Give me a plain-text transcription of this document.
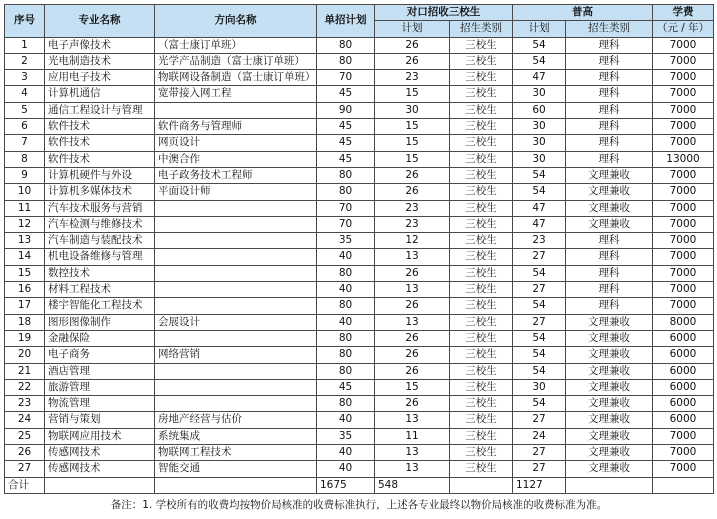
序号	专业名称	方向名称	单招计划	对口招收三校生		普高		学费
				计划	招生类别	计划	招生类别	（元 / 年）
1	电子声像技术	（富士康订单班）	80	26	三校生	54	理科	7000
2	光电制造技术	光学产品制造（富士康订单班）	80	26	三校生	54	理科	7000
3	应用电子技术	物联网设备制造（富士康订单班）	70	23	三校生	47	理科	7000
4	计算机通信	宽带接入网工程	45	15	三校生	30	理科	7000
5	通信工程设计与管理		90	30	三校生	60	理科	7000
6	软件技术	软件商务与管理师	45	15	三校生	30	理科	7000
7	软件技术	网页设计	45	15	三校生	30	理科	7000
8	软件技术	中澳合作	45	15	三校生	30	理科	13000
9	计算机硬件与外设	电子政务技术工程师	80	26	三校生	54	文理兼收	7000
10	计算机多媒体技术	平面设计师	80	26	三校生	54	文理兼收	7000
11	汽车技术服务与营销		70	23	三校生	47	文理兼收	7000
12	汽车检测与维修技术		70	23	三校生	47	文理兼收	7000
13	汽车制造与装配技术		35	12	三校生	23	理科	7000
14	机电设备维修与管理		40	13	三校生	27	理科	7000
15	数控技术		80	26	三校生	54	理科	7000
16	材料工程技术		40	13	三校生	27	理科	7000
17	楼宇智能化工程技术		80	26	三校生	54	理科	7000
18	图形图像制作	会展设计	40	13	三校生	27	文理兼收	8000
19	金融保险		80	26	三校生	54	文理兼收	6000
20	电子商务	网络营销	80	26	三校生	54	文理兼收	6000
21	酒店管理		80	26	三校生	54	文理兼收	6000
22	旅游管理		45	15	三校生	30	文理兼收	6000
23	物流管理		80	26	三校生	54	文理兼收	6000
24	营销与策划	房地产经营与估价	40	13	三校生	27	文理兼收	6000
25	物联网应用技术	系统集成	35	11	三校生	24	文理兼收	7000
26	传感网技术	物联网工程技术	40	13	三校生	27	文理兼收	7000
27	传感网技术	智能交通	40	13	三校生	27	文理兼收	7000
合计			1675	548		1127		
备注：1. 学校所有的收费均按物价局核准的收费标准执行，上述各专业最终以物价局核准的收费标准为准。								
